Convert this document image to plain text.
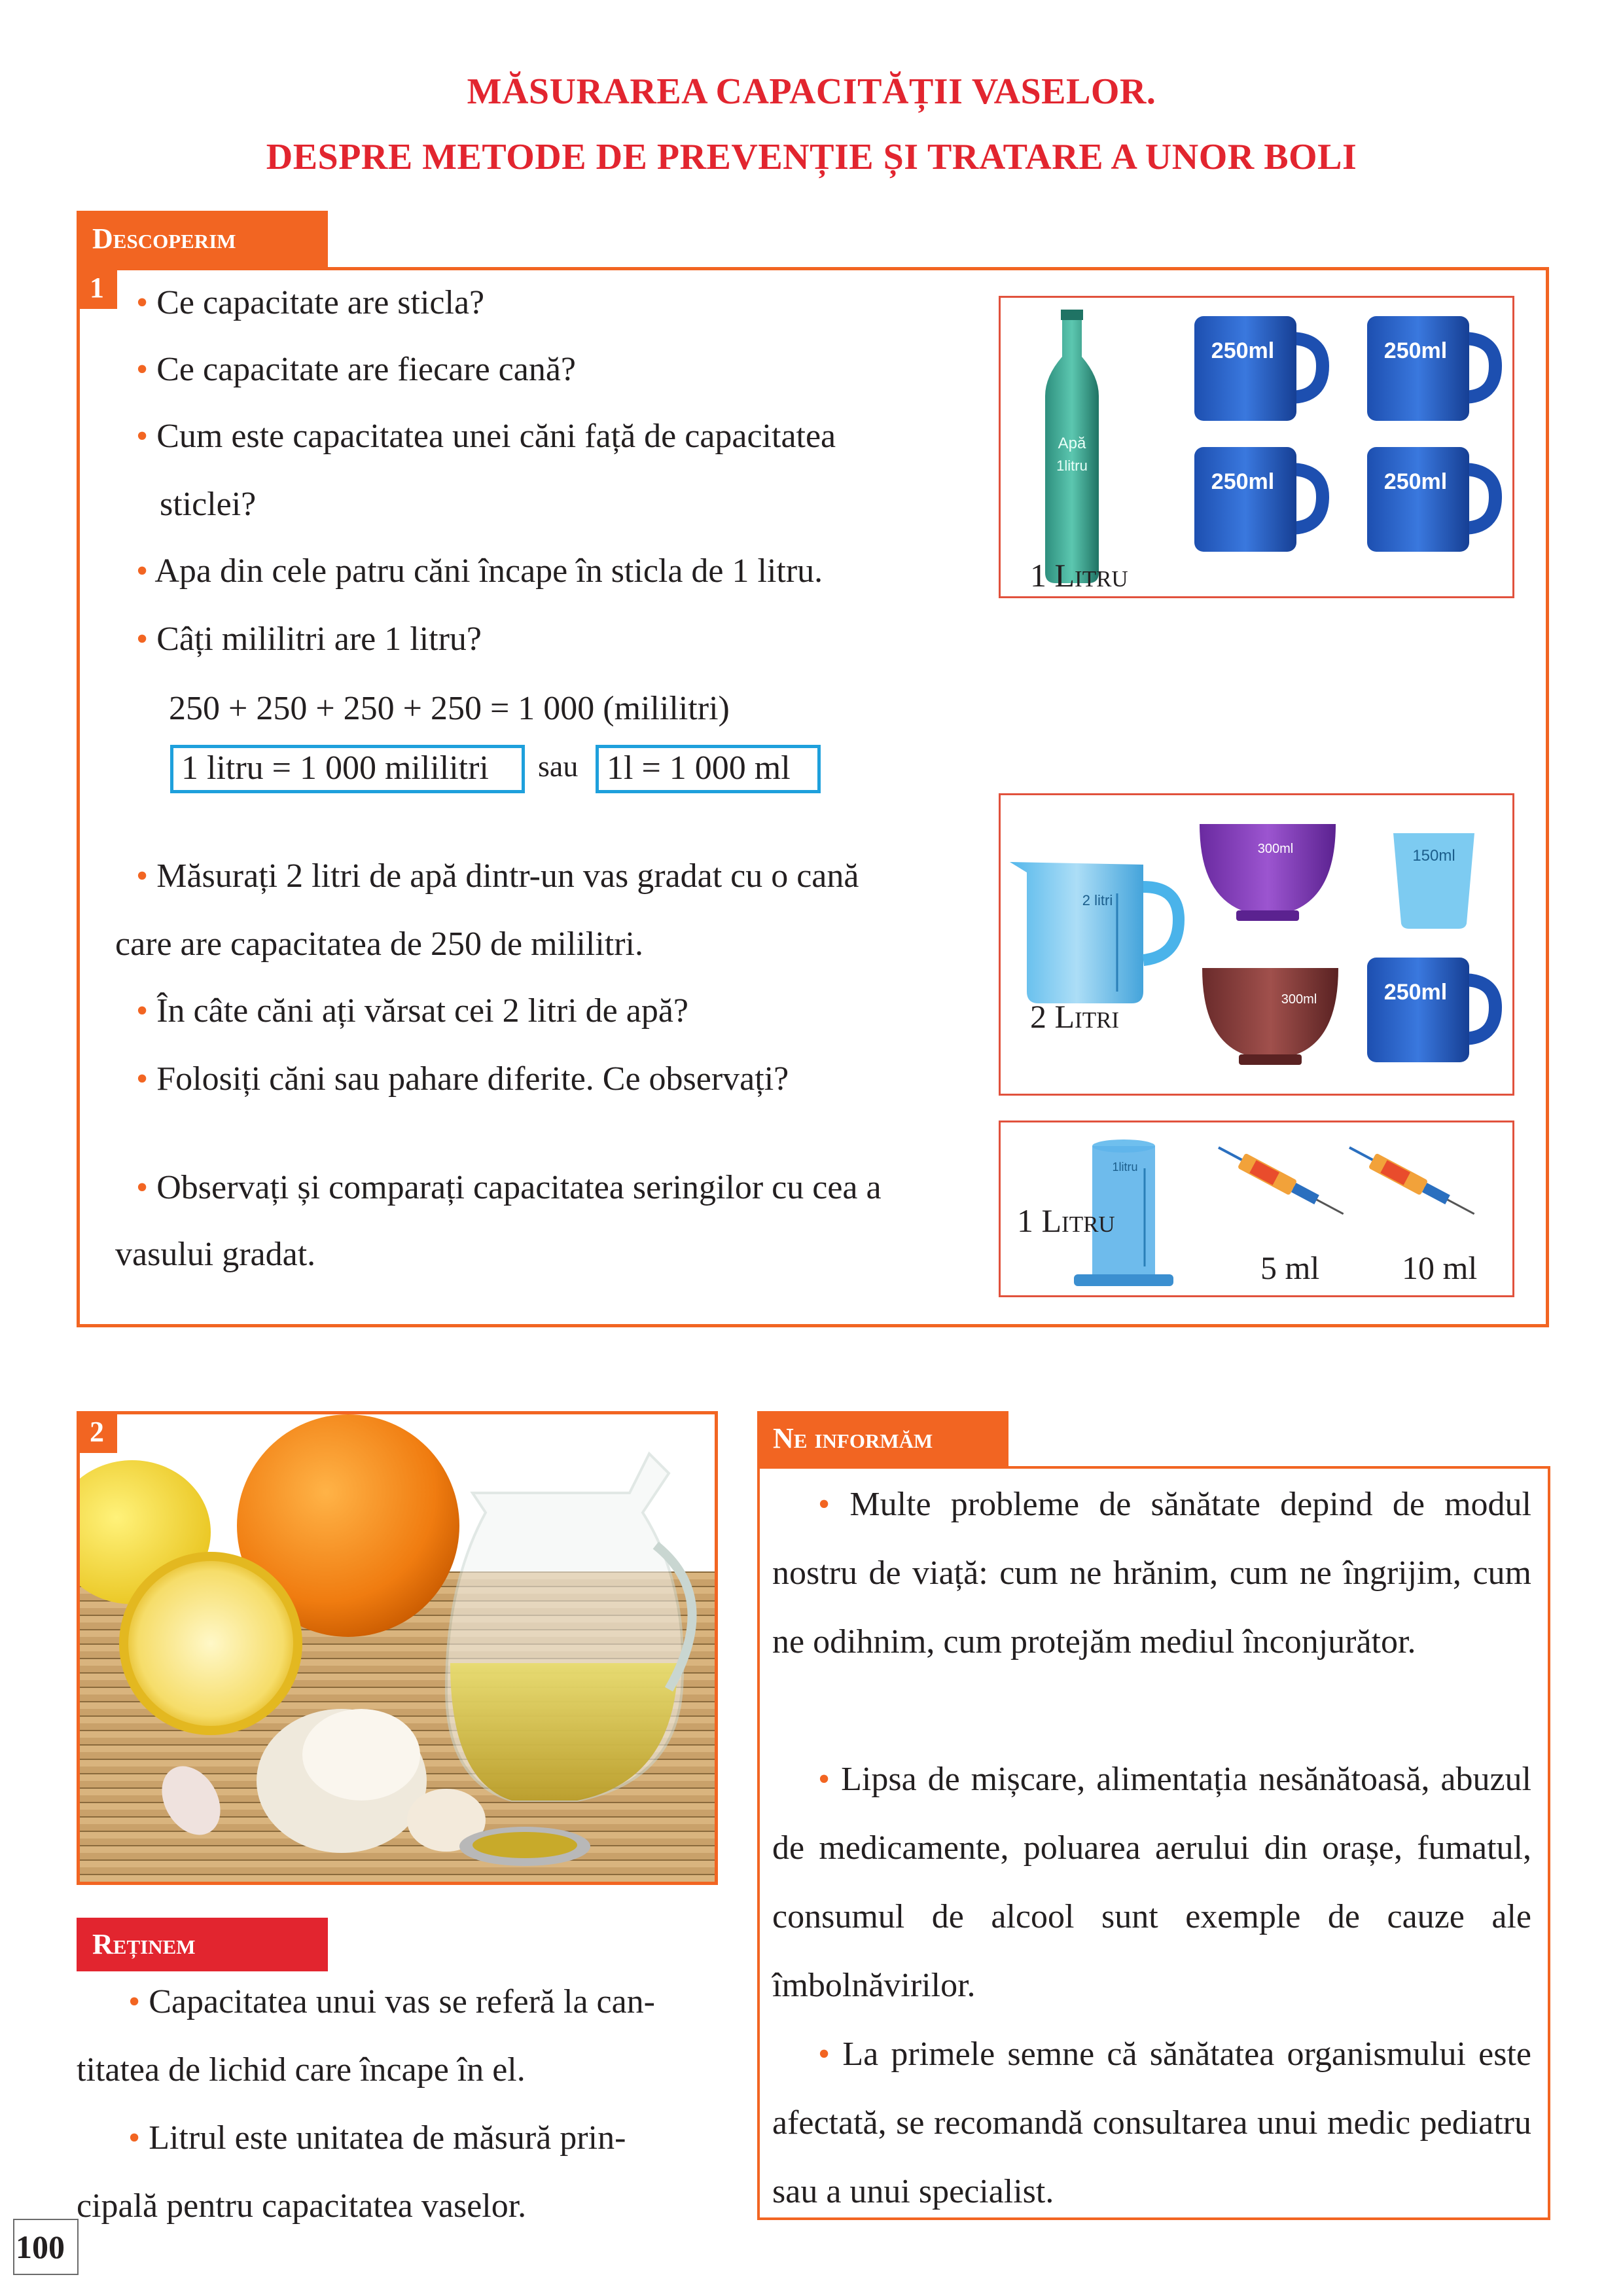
MĂSURAREA CAPACITĂȚII VASELOR.
DESPRE METODE DE PREVENȚIE ȘI TRATARE A UNOR BOLI
Descoperim
1 • Ce capacitate are sticla?
• Ce capacitate are fiecare cană?
• Cum este capacitatea unei căni față de capacitatea
sticlei?
• Apa din cele patru căni încape în sticla de 1 litru.
• Câți mililitri are 1 litru?
250 + 250 + 250 + 250 = 1 000 (mililitri)
1 litru = 1 000 mililitri	sau 1l = 1 000 ml
• Măsurați 2 litri de apă dintr-un vas gradat cu o cană
care are capacitatea de 250 de mililitri.
• În câte căni ați vărsat cei 2 litri de apă?
• Folosiți căni sau pahare diferite. Ce observați?
• Observați și comparați capacitatea seringilor cu cea a
vasului gradat.
Apă
1litru
250ml	250ml
250ml	250ml
1 Litru
2 litri
300ml	150ml
300ml	250ml
2 Litri
1litru
1 Litru
5 ml	10 ml
2
Reținem
• Capacitatea unui vas se referă la can-
titatea de lichid care încape în el.
• Litrul este unitatea de măsură prin-
cipală pentru capacitatea vaselor.
Ne informăm
• Multe probleme de sănătate depind de modul nostru de viață: cum ne hrănim, cum ne îngrijim, cum ne odihnim, cum protejăm mediul înconjurător.
• Lipsa de mișcare, alimentația nesănătoasă, abuzul de medicamente, poluarea aerului din orașe, fumatul, consumul de alcool sunt exemple de cauze ale îmbolnăvirilor.
• La primele semne că sănătatea organismului este afectată, se recomandă consultarea unui medic pediatru sau a unui specialist.
100
